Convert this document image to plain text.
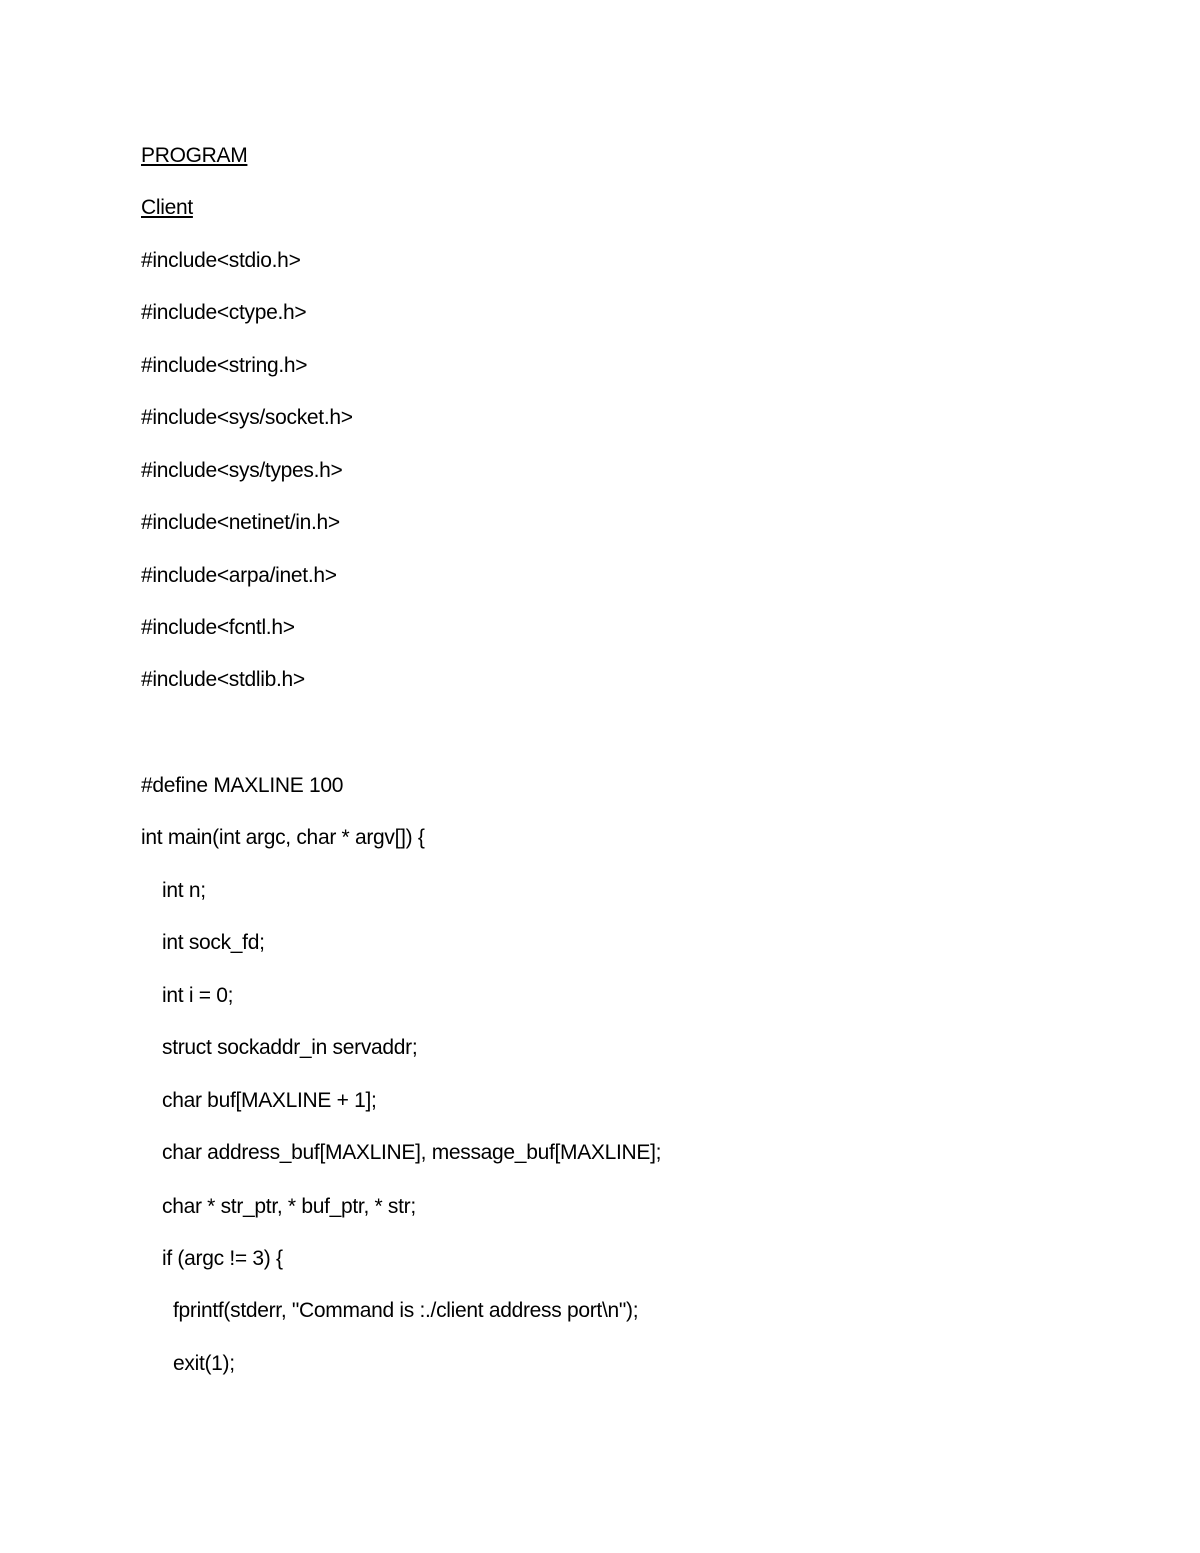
PROGRAM
Client
#include<stdio.h>
#include<ctype.h>
#include<string.h>
#include<sys/socket.h>
#include<sys/types.h>
#include<netinet/in.h>
#include<arpa/inet.h>
#include<fcntl.h>
#include<stdlib.h>
#define MAXLINE 100
int main(int argc, char * argv[]) {
int n;
int sock_fd;
int i = 0;
struct sockaddr_in servaddr;
char buf[MAXLINE + 1];
char address_buf[MAXLINE], message_buf[MAXLINE];
char * str_ptr, * buf_ptr, * str;
if (argc != 3) {
fprintf(stderr, "Command is :./client address port\n");
exit(1);
